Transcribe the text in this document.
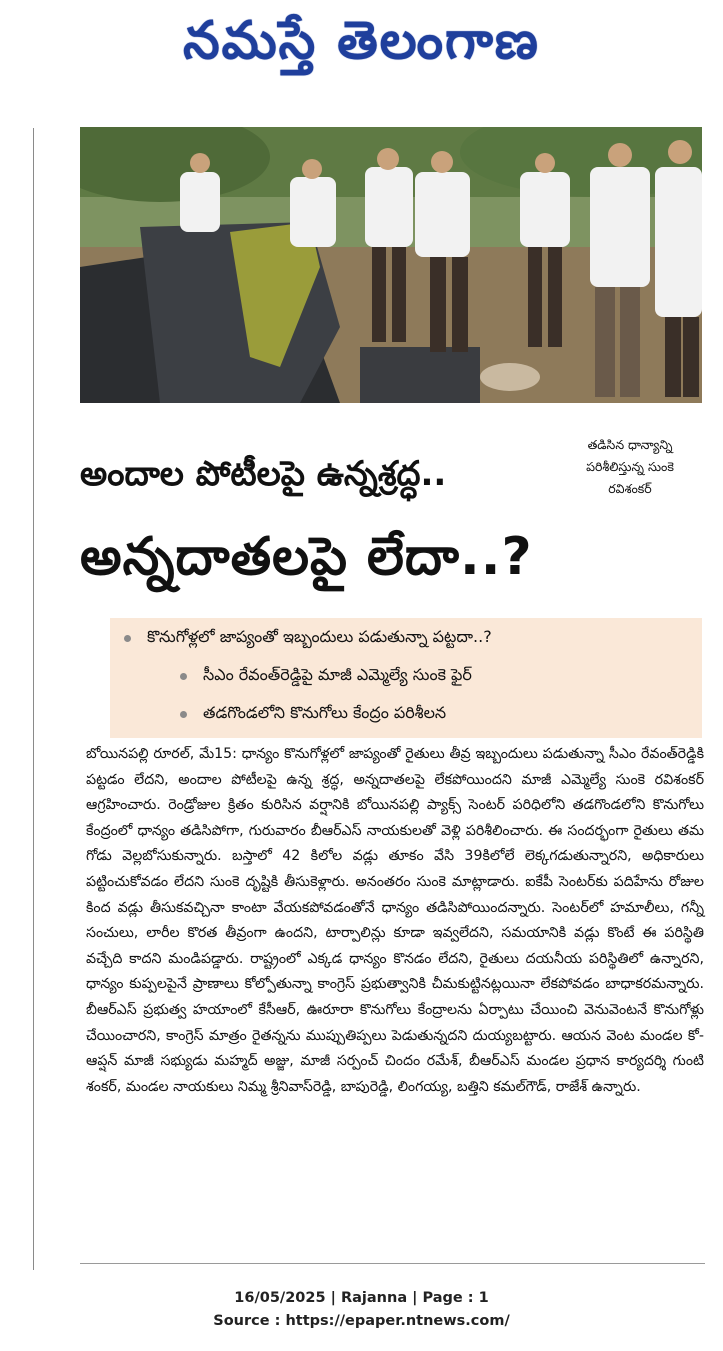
నమస్తే తెలంగాణ
తడిసిన ధాన్యాన్ని
పరిశీలిస్తున్న సుంకె
రవిశంకర్
అందాల పోటీలపై ఉన్నశ్రద్ధ..
అన్నదాతలపై లేదా..?
కొనుగోళ్లలో జాప్యంతో ఇబ్బందులు పడుతున్నా పట్టదా..?
సీఎం రేవంత్‌రెడ్డిపై మాజీ ఎమ్మెల్యే సుంకె ఫైర్
తడగొండలోని కొనుగోలు కేంద్రం పరిశీలన

బోయినపల్లి రూరల్, మే15: ధాన్యం కొనుగోళ్లలో జాప్యంతో రైతులు తీవ్ర ఇబ్బందులు పడుతున్నా సీఎం రేవంత్‌రెడ్డికి పట్టడం లేదని, అందాల పోటీలపై ఉన్న శ్రద్ధ, అన్నదాతలపై లేకపోయిందని మాజీ ఎమ్మెల్యే సుంకె రవిశంకర్ ఆగ్రహించారు. రెండ్రోజుల క్రితం కురిసిన వర్షానికి బోయినపల్లి ప్యాక్స్ సెంటర్ పరిధిలోని తడగొండలోని కొనుగోలు కేంద్రంలో ధాన్యం తడిసిపోగా, గురువారం బీఆర్‌ఎస్ నాయకులతో వెళ్లి పరిశీలించారు. ఈ సందర్భంగా రైతులు తమ గోడు వెల్లబోసుకున్నారు. బస్తాలో 42 కిలోల వడ్లు తూకం వేసి 39కిలోలే లెక్కగడుతున్నారని, అధికారులు పట్టించుకోవడం లేదని సుంకె దృష్టికి తీసుకెళ్లారు. అనంతరం సుంకె మాట్లాడారు. ఐకేపీ సెంటర్‌కు పదిహేను రోజుల కింద వడ్లు తీసుకవచ్చినా కాంటా వేయకపోవడంతోనే ధాన్యం తడిసిపోయిందన్నారు. సెంటర్‌లో హమాలీలు, గన్నీ సంచులు, లారీల కొరత తీవ్రంగా ఉందని, టార్పాలిన్లు కూడా ఇవ్వలేదని, సమయానికి వడ్లు కొంటే ఈ పరిస్థితి వచ్చేది కాదని మండిపడ్డారు. రాష్ట్రంలో ఎక్కడ ధాన్యం కొనడం లేదని, రైతులు దయనీయ పరిస్థితిలో ఉన్నారని, ధాన్యం కుప్పలపైనే ప్రాణాలు కోల్పోతున్నా కాంగ్రెస్ ప్రభుత్వానికి చీమకుట్టినట్లయినా లేకపోవడం బాధాకరమన్నారు. బీఆర్‌ఎస్ ప్రభుత్వ హయాంలో కేసీఆర్, ఊరూరా కొనుగోలు కేంద్రాలను ఏర్పాటు చేయించి వెనువెంటనే కొనుగోళ్లు చేయించారని, కాంగ్రెస్ మాత్రం రైతన్నను ముప్పుతిప్పలు పెడుతున్నదని దుయ్యబట్టారు. ఆయన వెంట మండల కో-ఆప్షన్ మాజీ సభ్యుడు మహ్మద్ అజ్జు, మాజీ సర్పంచ్ చిందం రమేశ్, బీఆర్‌ఎస్ మండల ప్రధాన కార్యదర్శి గుంటి శంకర్, మండల నాయకులు నిమ్మ శ్రీనివాస్‌రెడ్డి, బాపురెడ్డి, లింగయ్య, బత్తిని కమల్‌గౌడ్, రాజేశ్ ఉన్నారు.

16/05/2025 | Rajanna | Page : 1
Source : https://epaper.ntnews.com/
